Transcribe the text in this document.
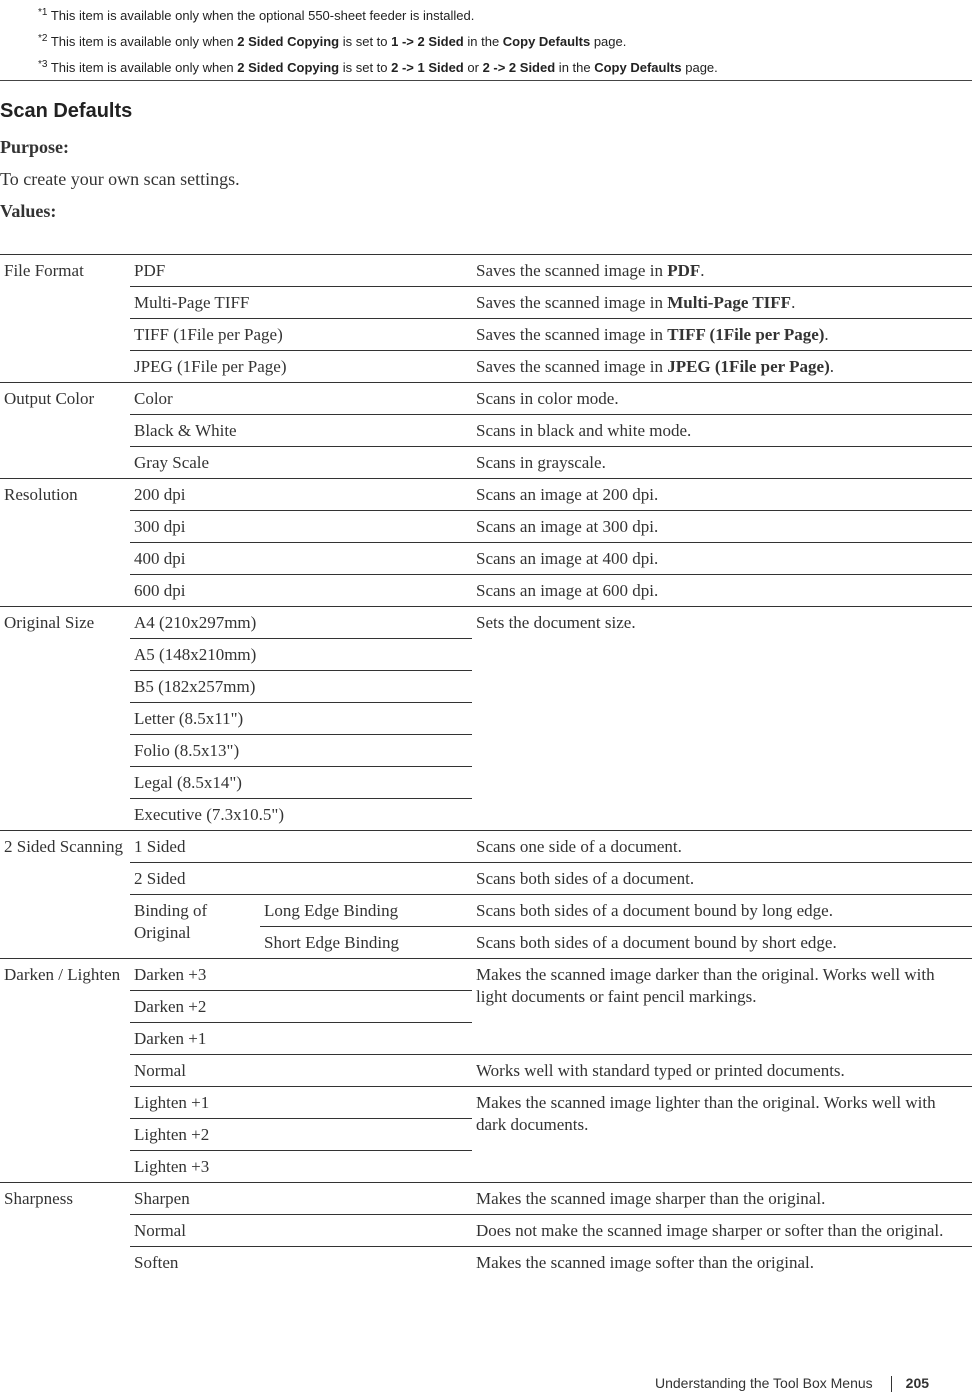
$^{*1}$ This item is available only when the optional 550-sheet feeder is installed.
$^{*2}$ This item is available only when 2 Sided Copying is set to 1 -> 2 Sided in the Copy Defaults page.
$^{*3}$ This item is available only when 2 Sided Copying is set to 2 -> 1 Sided or 2 -> 2 Sided in the Copy Defaults page.
Scan Defaults
Purpose:
To create your own scan settings.
Values:
File Format	PDF		Saves the scanned image in PDF.
	Multi-Page TIFF		Saves the scanned image in Multi-Page TIFF.
	TIFF (1File per Page)		Saves the scanned image in TIFF (1File per Page).
	JPEG (1File per Page)		Saves the scanned image in JPEG (1File per Page).
Output Color	Color		Scans in color mode.
	Black & White		Scans in black and white mode.
	Gray Scale		Scans in grayscale.
Resolution	200 dpi		Scans an image at 200 dpi.
	300 dpi		Scans an image at 300 dpi.
	400 dpi		Scans an image at 400 dpi.
	600 dpi		Scans an image at 600 dpi.
Original Size	A4 (210x297mm)		Sets the document size.
	A5 (148x210mm)		
	B5 (182x257mm)		
	Letter (8.5x11")		
	Folio (8.5x13")		
	Legal (8.5x14")		
	Executive (7.3x10.5")		
2 Sided Scanning	1 Sided		Scans one side of a document.
	2 Sided		Scans both sides of a document.
	Binding of Original	Long Edge Binding	Scans both sides of a document bound by long edge.
		Short Edge Binding	Scans both sides of a document bound by short edge.
Darken / Lighten	Darken +3		Makes the scanned image darker than the original. Works well with light documents or faint pencil markings.
	Darken +2		
	Darken +1		
	Normal		Works well with standard typed or printed documents.
	Lighten +1		Makes the scanned image lighter than the original. Works well with dark documents.
	Lighten +2		
	Lighten +3		
Sharpness	Sharpen		Makes the scanned image sharper than the original.
	Normal		Does not make the scanned image sharper or softer than the original.
	Soften		Makes the scanned image softer than the original.
Understanding the Tool Box Menus 205
